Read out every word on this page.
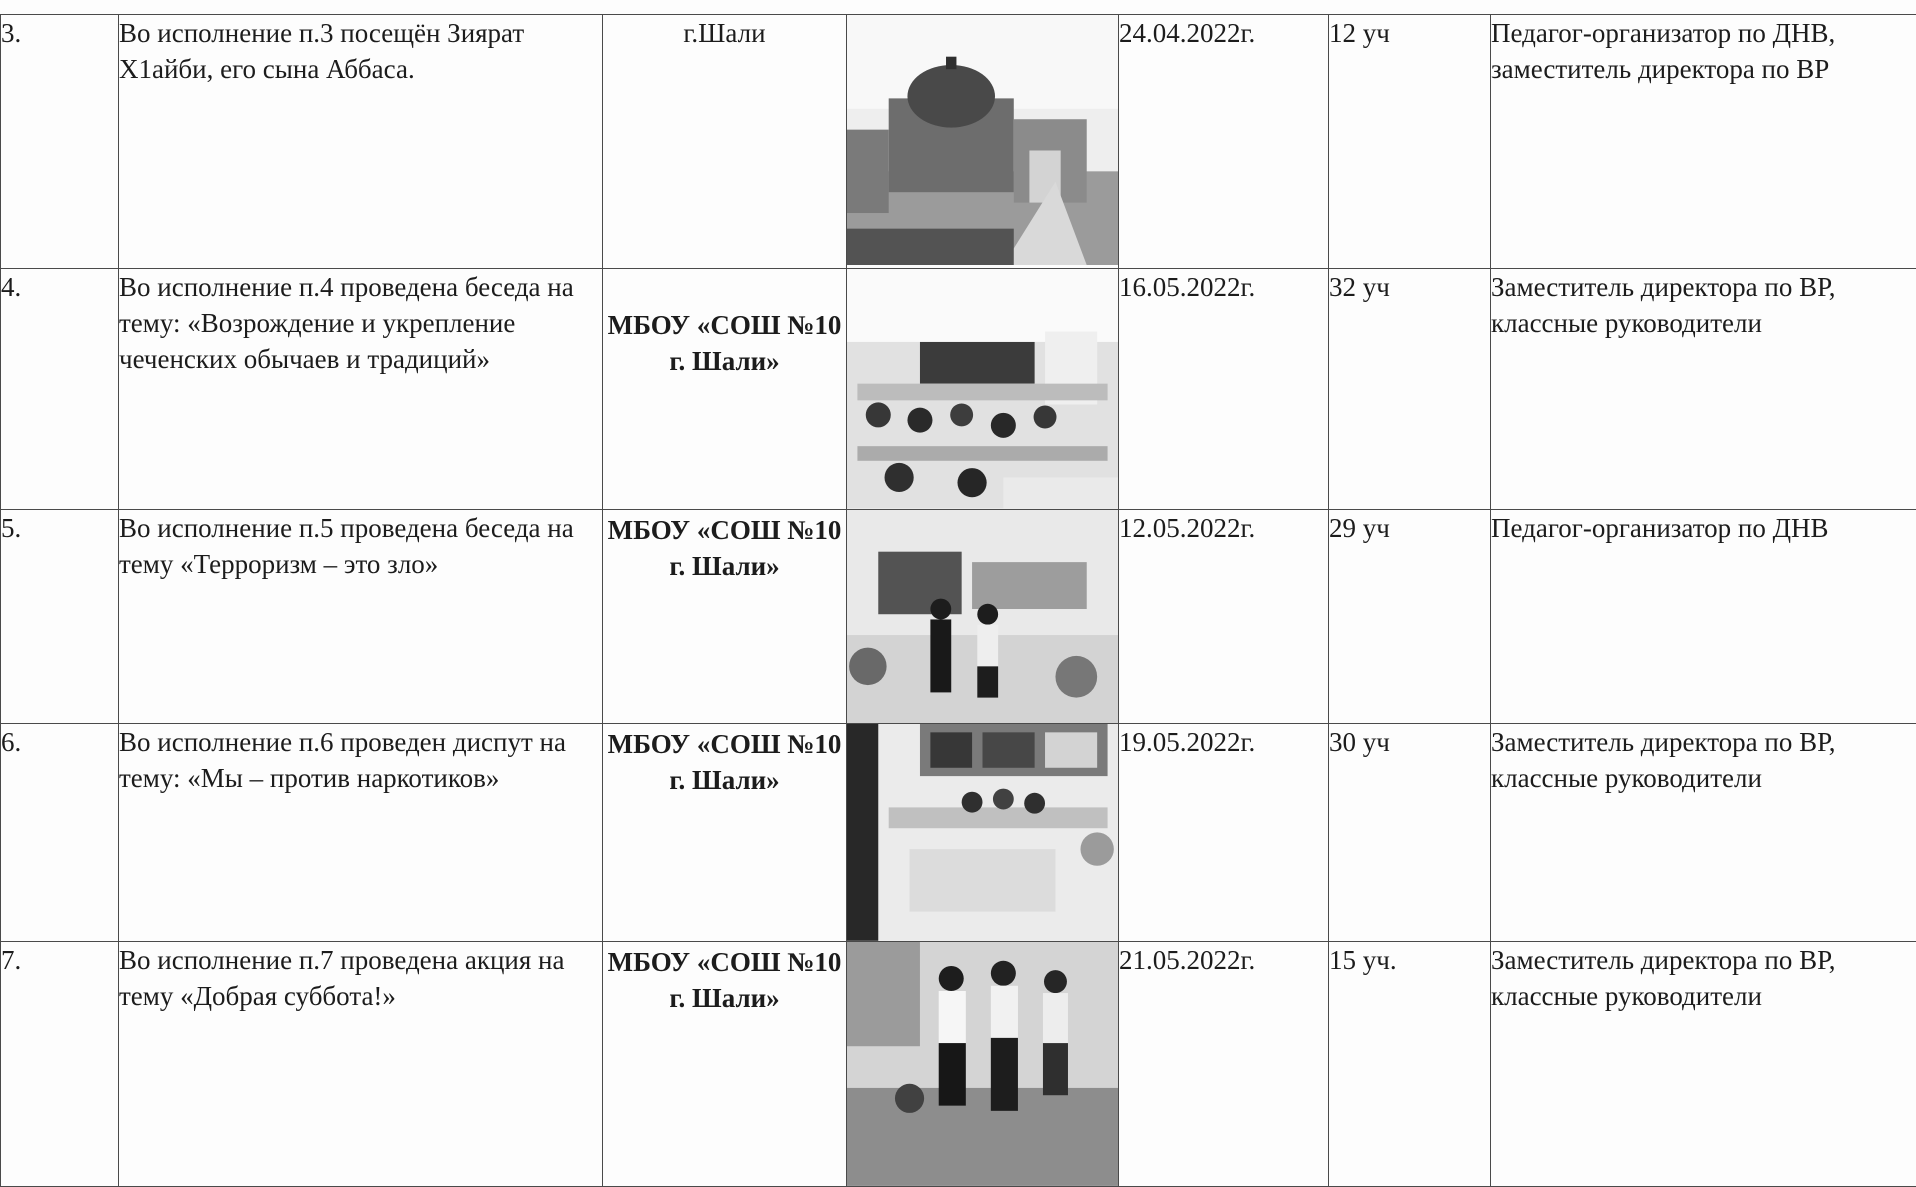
3.	Во исполнение п.3 посещён Зиярат Х1айби, его сына Аббаса.	г.Шали		24.04.2022г.	12 уч	Педагог-организатор по ДНВ, заместитель директора по ВР
4.	Во исполнение п.4 проведена беседа на тему: «Возрождение и укрепление чеченских обычаев и традиций»	МБОУ «СОШ №10 г. Шали»		16.05.2022г.	32 уч	Заместитель директора по ВР, классные руководители
5.	Во исполнение п.5 проведена беседа на тему «Терроризм – это зло»	МБОУ «СОШ №10 г. Шали»		12.05.2022г.	29 уч	Педагог-организатор по ДНВ
6.	Во исполнение п.6 проведен диспут на тему: «Мы – против наркотиков»	МБОУ «СОШ №10 г. Шали»		19.05.2022г.	30 уч	Заместитель директора по ВР, классные руководители
7.	Во исполнение п.7 проведена акция на тему «Добрая суббота!»	МБОУ «СОШ №10 г. Шали»		21.05.2022г.	15 уч.	Заместитель директора по ВР, классные руководители
